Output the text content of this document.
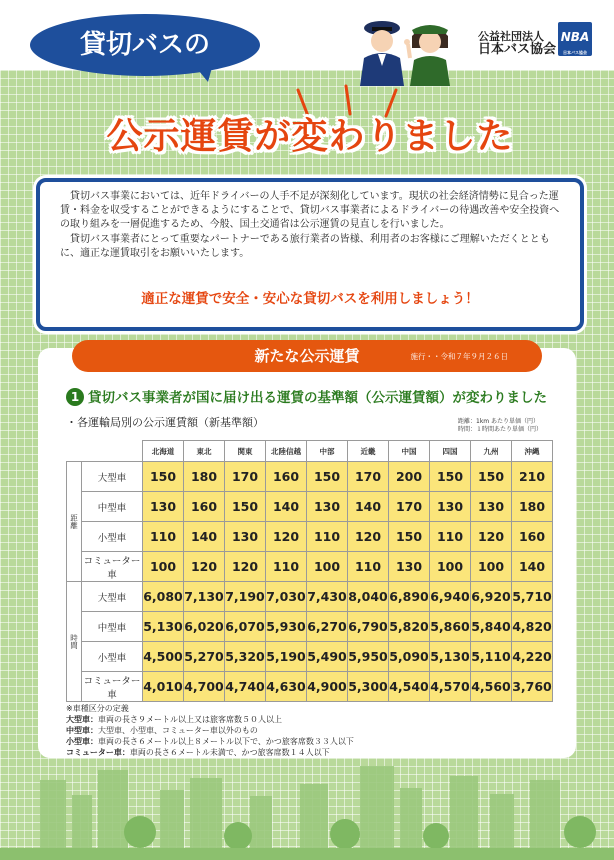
貸切バスの	公益社団法人
日本バス協会
NBA
日本バス協会
公示運賃が変わりました

貸切バス事業においては、近年ドライバーの人手不足が深刻化しています。現状の社会経済情勢に見合った運賃・料金を収受することができるようにすることで、貸切バス事業者によるドライバーの待遇改善や安全投資への取り組みを一層促進するため、今般、国土交通省は公示運賃の見直しを行いました。

貸切バス事業者にとって重要なパートナーである旅行業者の皆様、利用者のお客様にご理解いただくとともに、適正な運賃取引をお願いいたします。

適正な運賃で安全・安心な貸切バスを利用しましょう！
新たな公示運賃	施行・・令和７年９月２６日
1 貸切バス事業者が国に届け出る運賃の基準額（公示運賃額）が変わりました
・各運輸局別の公示運賃額（新基準額）	距離：1km あたり単価（円）
時間：１時間あたり単価（円）
		北海道	東北	関東	北陸信越	中部	近畿	中国	四国	九州	沖縄
距離	大型車	150	180	170	160	150	170	200	150	150	210
	中型車	130	160	150	140	130	140	170	130	130	180
	小型車	110	140	130	120	110	120	150	110	120	160
	コミューター車	100	120	120	110	100	110	130	100	100	140
時間	大型車	6,080	7,130	7,190	7,030	7,430	8,040	6,890	6,940	6,920	5,710
	中型車	5,130	6,020	6,070	5,930	6,270	6,790	5,820	5,860	5,840	4,820
	小型車	4,500	5,270	5,320	5,190	5,490	5,950	5,090	5,130	5,110	4,220
	コミューター車	4,010	4,700	4,740	4,630	4,900	5,300	4,540	4,570	4,560	3,760
※車種区分の定義
大型車：車両の長さ９メートル以上又は旅客席数５０人以上
中型車：大型車、小型車、コミューター車以外のもの
小型車：車両の長さ６メートル以上８メートル以下で、かつ旅客席数３３人以下
コミューター車：車両の長さ６メートル未満で、かつ旅客席数１４人以下
